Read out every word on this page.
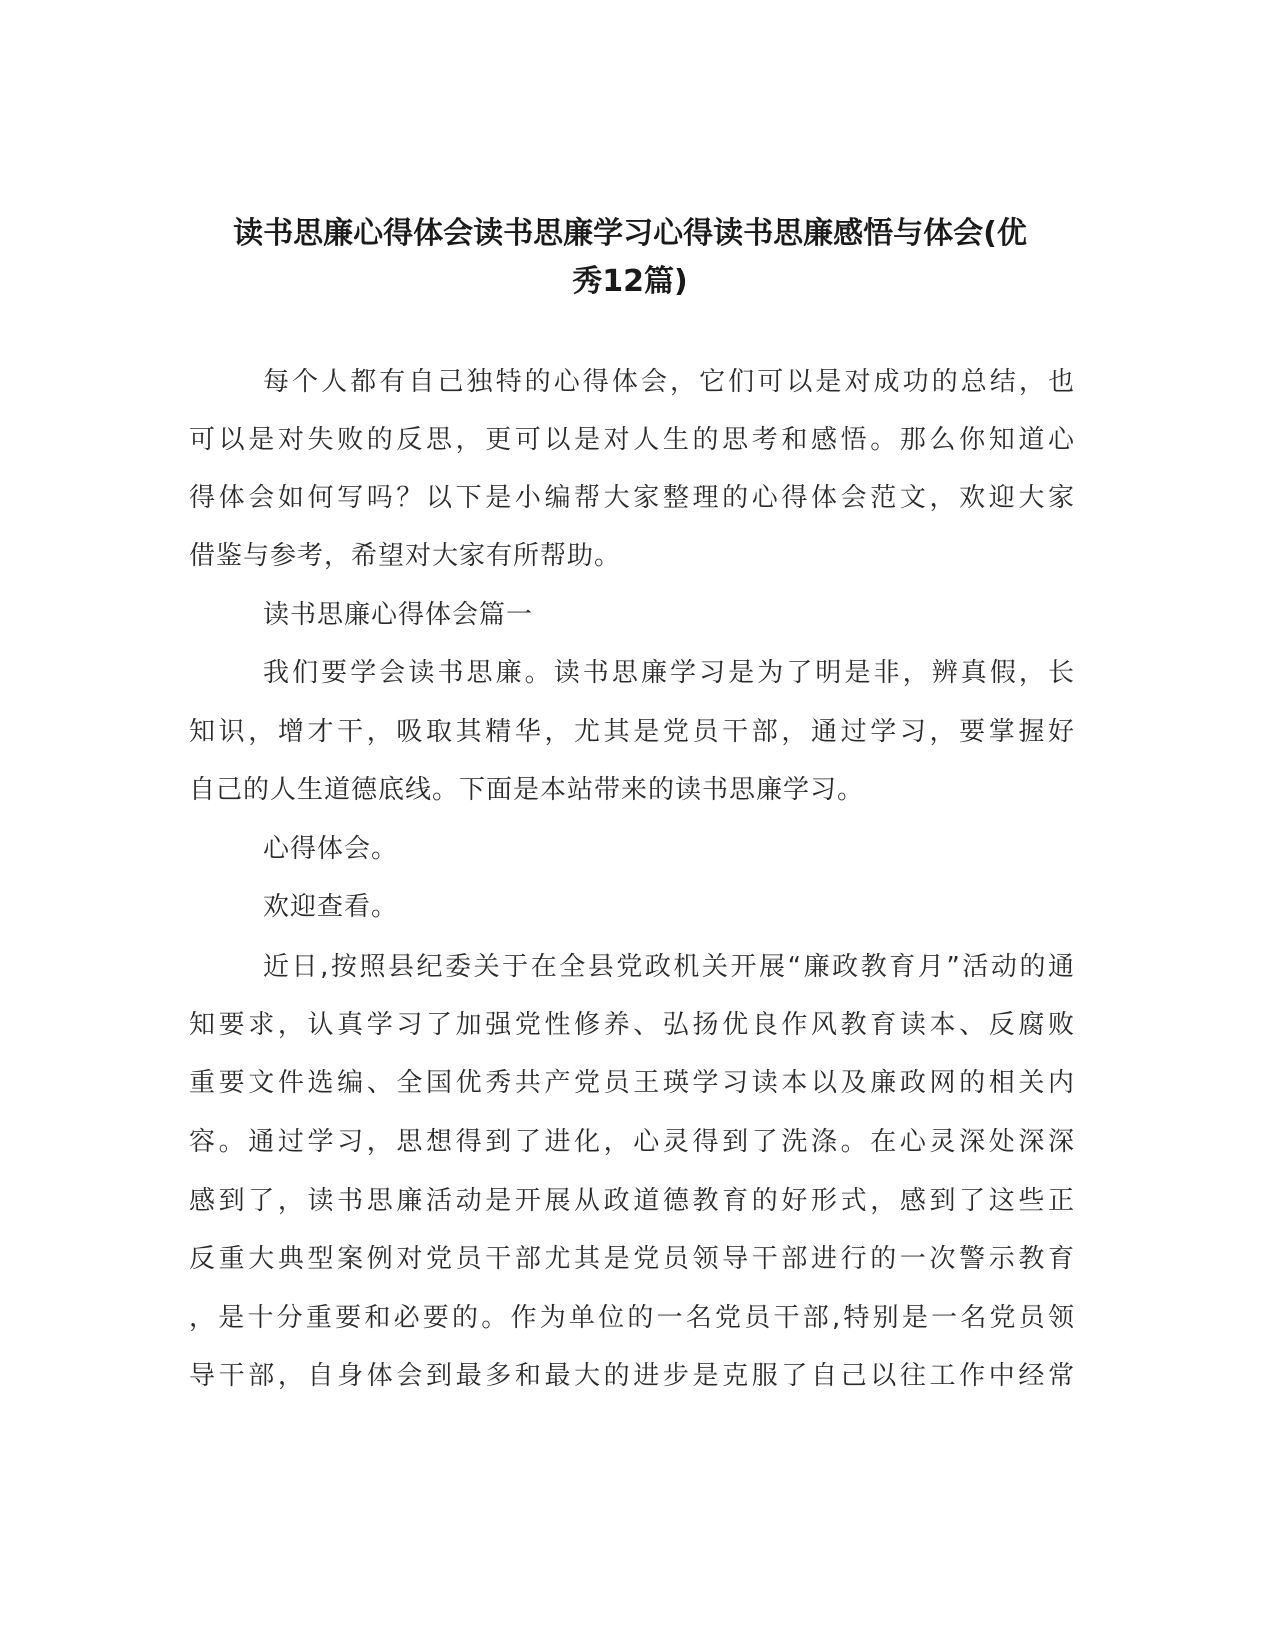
读书思廉心得体会读书思廉学习心得读书思廉感悟与体会(优
秀12篇)

每个人都有自己独特的心得体会，它们可以是对成功的总结，也

可以是对失败的反思，更可以是对人生的思考和感悟。那么你知道心

得体会如何写吗？以下是小编帮大家整理的心得体会范文，欢迎大家

借鉴与参考，希望对大家有所帮助。

读书思廉心得体会篇一

我们要学会读书思廉。读书思廉学习是为了明是非，辨真假，长

知识，增才干，吸取其精华，尤其是党员干部，通过学习，要掌握好

自己的人生道德底线。下面是本站带来的读书思廉学习。

心得体会。

欢迎查看。

近日,按照县纪委关于在全县党政机关开展“廉政教育月”活动的通

知要求，认真学习了加强党性修养、弘扬优良作风教育读本、反腐败

重要文件选编、全国优秀共产党员王瑛学习读本以及廉政网的相关内

容。通过学习，思想得到了进化，心灵得到了洗涤。在心灵深处深深

感到了，读书思廉活动是开展从政道德教育的好形式，感到了这些正

反重大典型案例对党员干部尤其是党员领导干部进行的一次警示教育

，是十分重要和必要的。作为单位的一名党员干部,特别是一名党员领

导干部，自身体会到最多和最大的进步是克服了自己以往工作中经常
